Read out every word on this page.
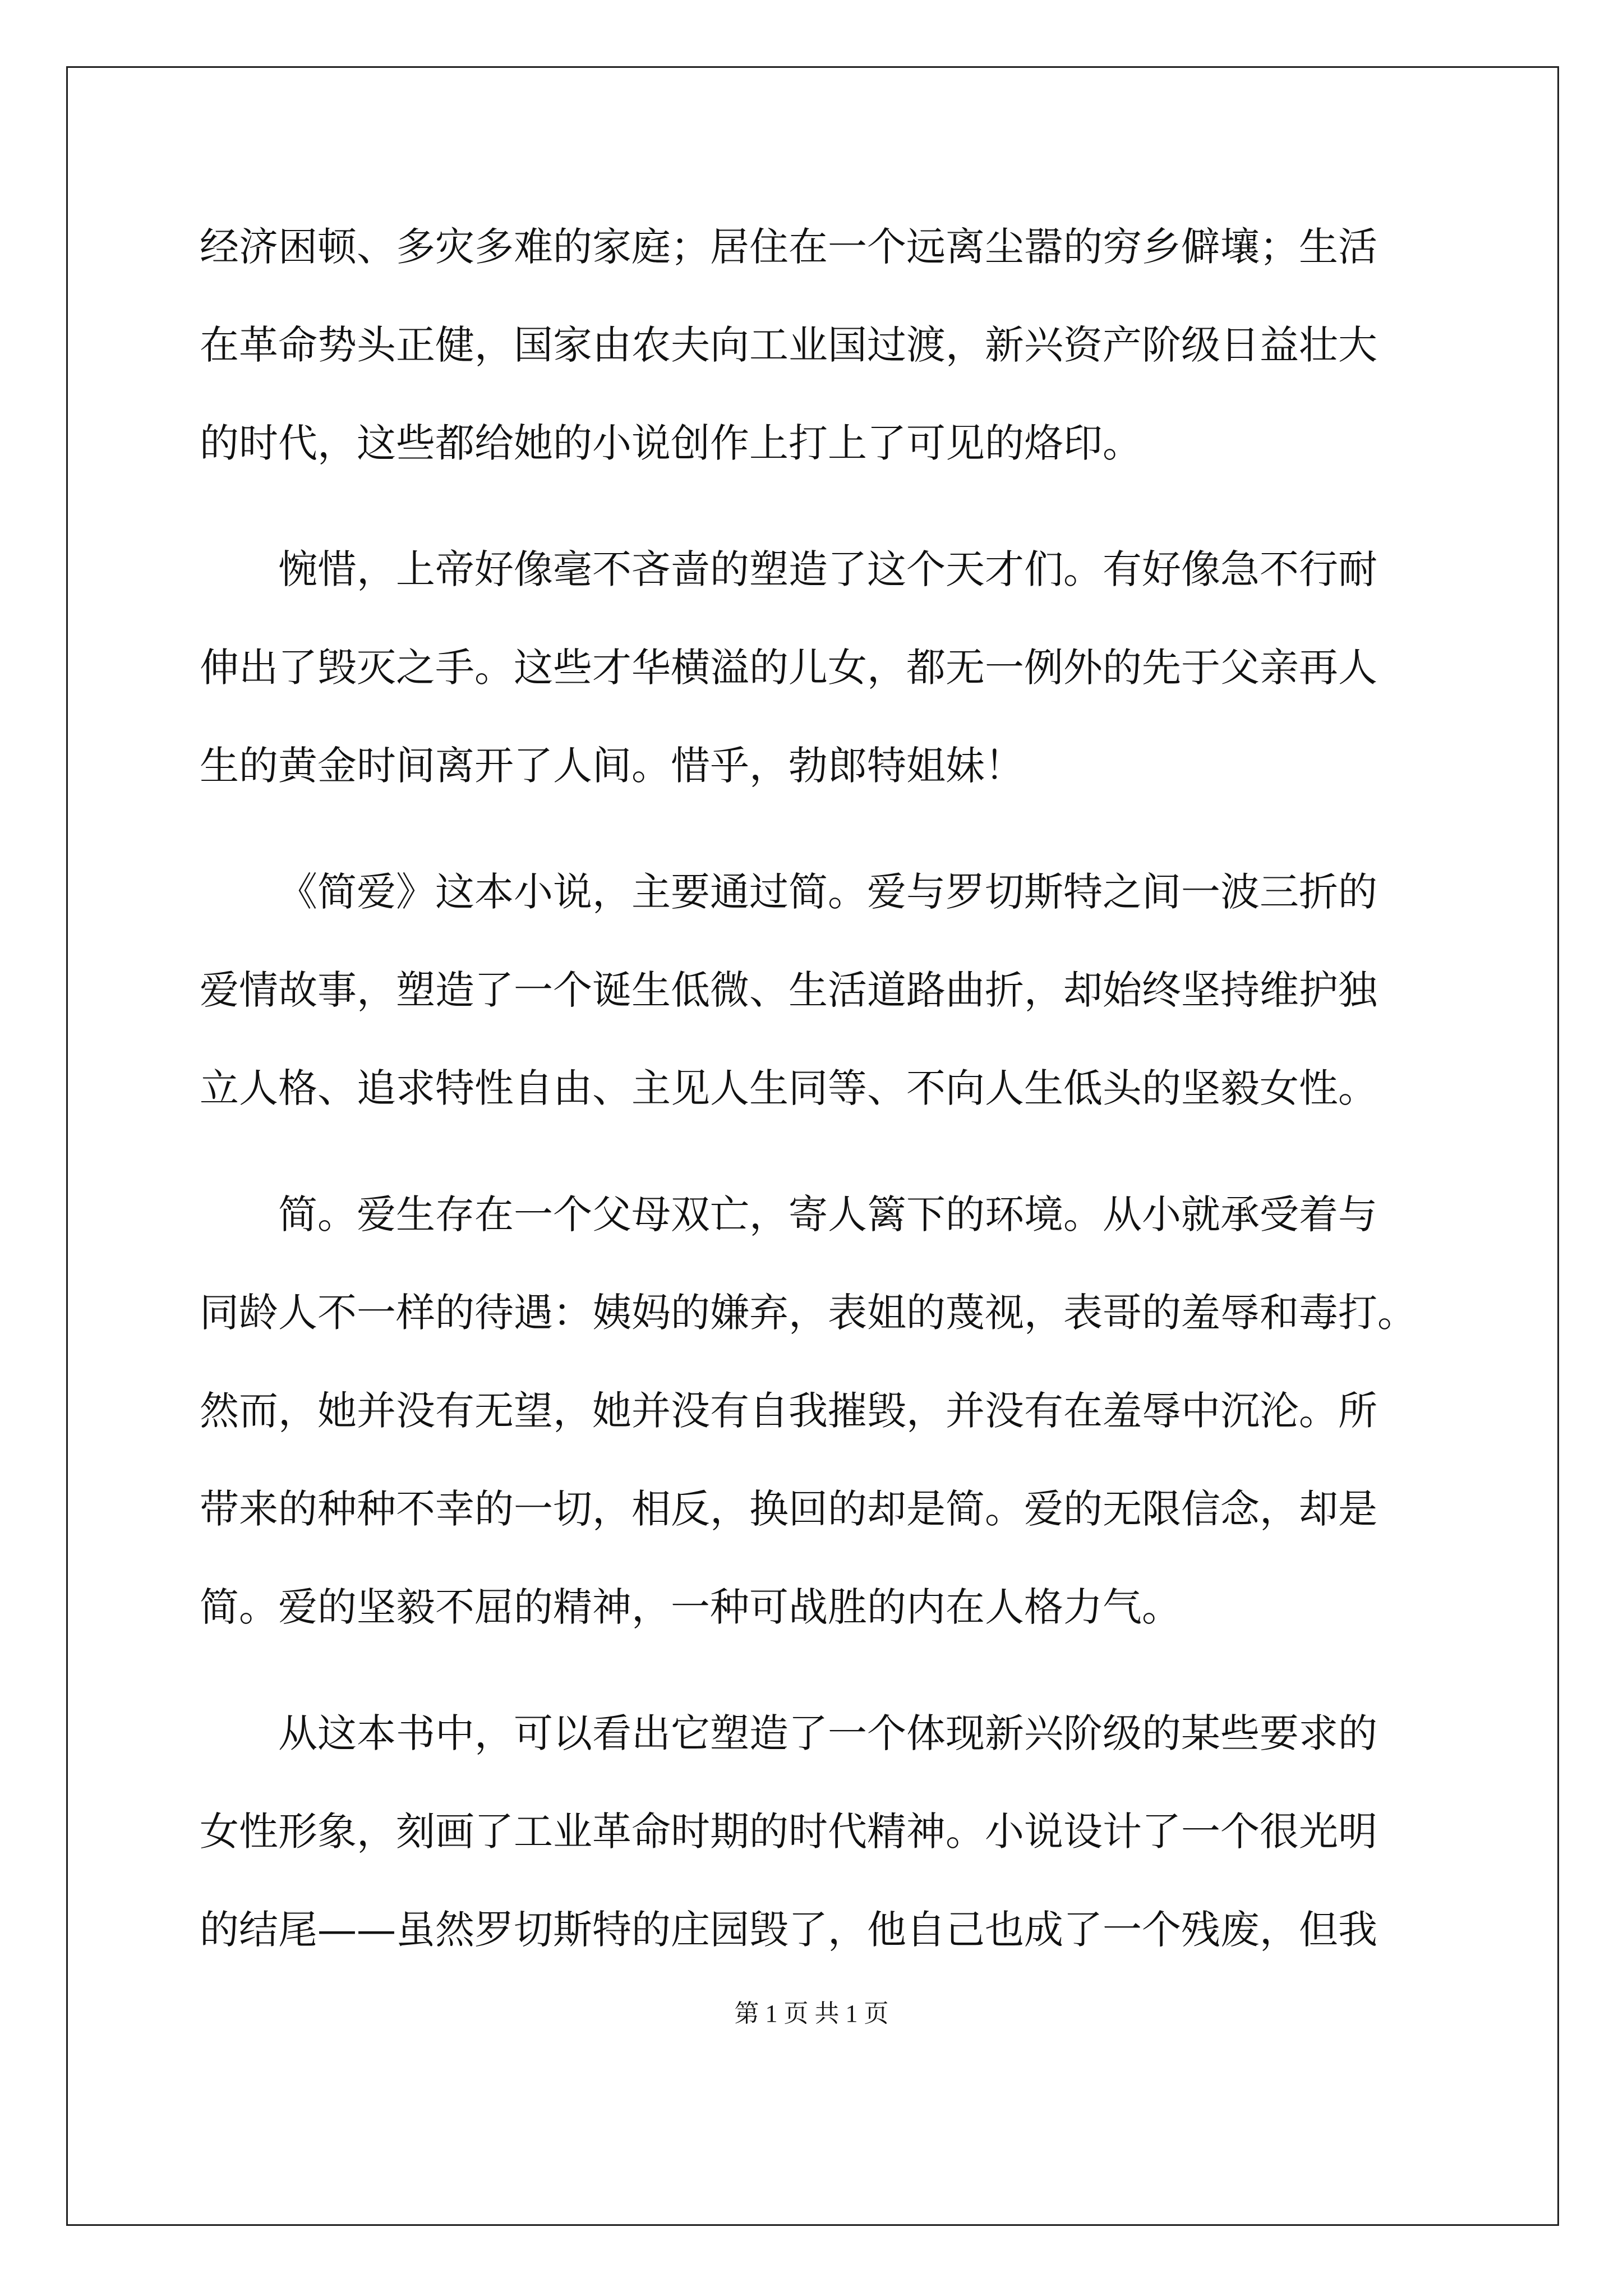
经济困顿、多灾多难的家庭；居住在一个远离尘嚣的穷乡僻壤；生活
在革命势头正健，国家由农夫向工业国过渡，新兴资产阶级日益壮大
的时代，这些都给她的小说创作上打上了可见的烙印。
惋惜，上帝好像毫不吝啬的塑造了这个天才们。有好像急不行耐
伸出了毁灭之手。这些才华横溢的儿女，都无一例外的先于父亲再人
生的黄金时间离开了人间。惜乎，勃郎特姐妹！
《简爱》这本小说，主要通过简。爱与罗切斯特之间一波三折的
爱情故事，塑造了一个诞生低微、生活道路曲折，却始终坚持维护独
立人格、追求特性自由、主见人生同等、不向人生低头的坚毅女性。
简。爱生存在一个父母双亡，寄人篱下的环境。从小就承受着与
同龄人不一样的待遇：姨妈的嫌弃，表姐的蔑视，表哥的羞辱和毒打。
然而，她并没有无望，她并没有自我摧毁，并没有在羞辱中沉沦。所
带来的种种不幸的一切，相反，换回的却是简。爱的无限信念，却是
简。爱的坚毅不屈的精神，一种可战胜的内在人格力气。
从这本书中，可以看出它塑造了一个体现新兴阶级的某些要求的
女性形象，刻画了工业革命时期的时代精神。小说设计了一个很光明
的结尾——虽然罗切斯特的庄园毁了，他自己也成了一个残废，但我
第 1 页 共 1 页
